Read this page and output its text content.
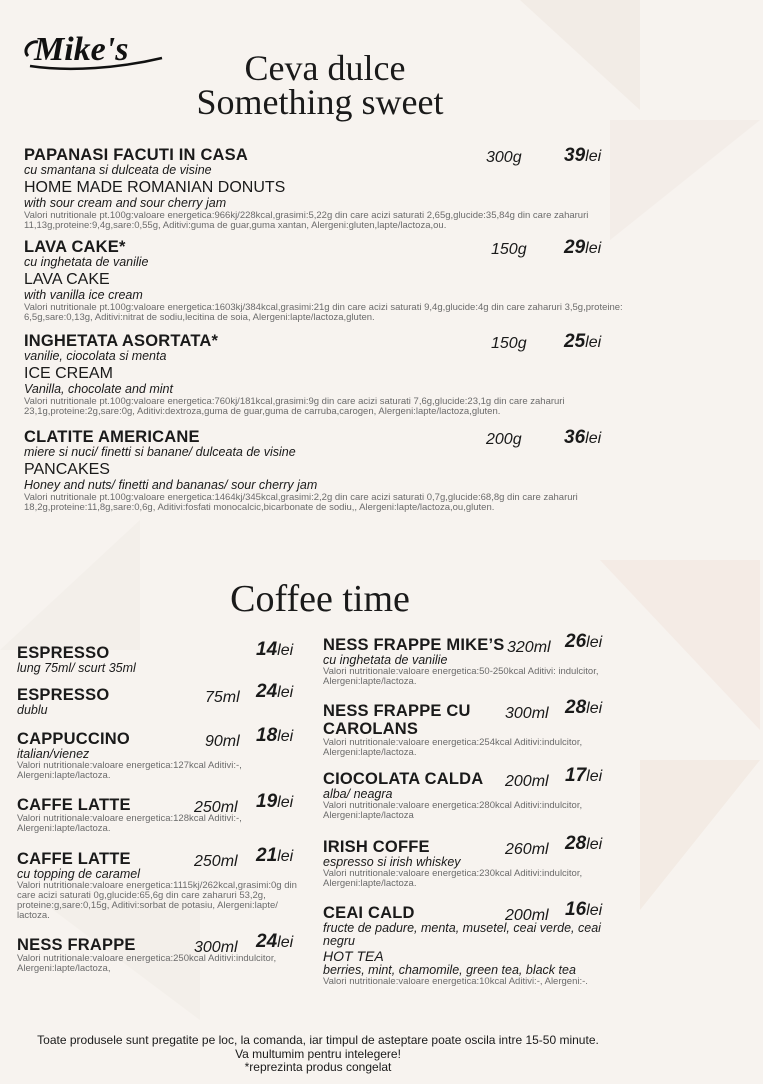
Mike's	Ceva dulce
Something sweet
PAPANASI FACUTI IN CASA
cu smantana si dulceata de visine
HOME MADE ROMANIAN DONUTS
with sour cream and sour cherry jam
Valori nutritionale pt.100g:valoare energetica:966kj/228kcal,grasimi:5,22g din care acizi saturati 2,65g,glucide:35,84g din care zaharuri 11,13g,proteine:9,4g,sare:0,55g, Aditivi:guma de guar,guma xantan, Alergeni:gluten,lapte/lactoza,ou.
300g 39lei
LAVA CAKE*
cu inghetata de vanilie
LAVA CAKE
with vanilla ice cream
Valori nutritionale pt.100g:valoare energetica:1603kj/384kcal,grasimi:21g din care acizi saturati 9,4g,glucide:4g din care zaharuri 3,5g,proteine: 6,5g,sare:0,13g, Aditivi:nitrat de sodiu,lecitina de soia, Alergeni:lapte/lactoza,gluten.
150g 29lei
INGHETATA ASORTATA*
vanilie, ciocolata si menta
ICE CREAM
Vanilla, chocolate and mint
Valori nutritionale pt.100g:valoare energetica:760kj/181kcal,grasimi:9g din care acizi saturati 7,6g,glucide:23,1g din care zaharuri 23,1g,proteine:2g,sare:0g, Aditivi:dextroza,guma de guar,guma de carruba,carogen, Alergeni:lapte/lactoza,gluten.
150g 25lei
CLATITE AMERICANE
miere si nuci/ finetti si banane/ dulceata de visine
PANCAKES
Honey and nuts/ finetti and bananas/ sour cherry jam
Valori nutritionale pt.100g:valoare energetica:1464kj/345kcal,grasimi:2,2g din care acizi saturati 0,7g,glucide:68,8g din care zaharuri 18,2g,proteine:11,8g,sare:0,6g, Aditivi:fosfati monocalcic,bicarbonate de sodiu,, Alergeni:lapte/lactoza,ou,gluten.
200g 36lei
Coffee time
ESPRESSO
lung 75ml/ scurt 35ml
14lei
ESPRESSO
dublu
75ml 24lei
CAPPUCCINO
italian/vienez
Valori nutritionale:valoare energetica:127kcal Aditivi:-, Alergeni:lapte/lactoza.
90ml 18lei
CAFFE LATTE
Valori nutritionale:valoare energetica:128kcal Aditivi:-, Alergeni:lapte/lactoza.
250ml 19lei
CAFFE LATTE
cu topping de caramel
Valori nutritionale:valoare energetica:1115kj/262kcal,grasimi:0g din care acizi saturati 0g,glucide:65,6g din care zaharuri 53,2g, proteine:g,sare:0,15g, Aditivi:sorbat de potasiu, Alergeni:lapte/ lactoza.
250ml 21lei
NESS FRAPPE
Valori nutritionale:valoare energetica:250kcal Aditivi:indulcitor, Alergeni:lapte/lactoza,
300ml 24lei
NESS FRAPPE MIKE’S
cu inghetata de vanilie
Valori nutritionale:valoare energetica:50-250kcal Aditivi: indulcitor, Alergeni:lapte/lactoza.
320ml 26lei
NESS FRAPPE CU CAROLANS
Valori nutritionale:valoare energetica:254kcal Aditivi:indulcitor, Alergeni:lapte/lactoza.
300ml 28lei
CIOCOLATA CALDA
alba/ neagra
Valori nutritionale:valoare energetica:280kcal Aditivi:indulcitor, Alergeni:lapte/lactoza
200ml 17lei
IRISH COFFE
espresso si irish whiskey
Valori nutritionale:valoare energetica:230kcal Aditivi:indulcitor, Alergeni:lapte/lactoza.
260ml 28lei
CEAI CALD
fructe de padure, menta, musetel, ceai verde, ceai negru
HOT TEA
berries, mint, chamomile, green tea, black tea
Valori nutritionale:valoare energetica:10kcal Aditivi:-, Alergeni:-.
200ml 16lei
Toate produsele sunt pregatite pe loc, la comanda, iar timpul de asteptare poate oscila intre 15-50 minute.
Va multumim pentru intelegere!
*reprezinta produs congelat
